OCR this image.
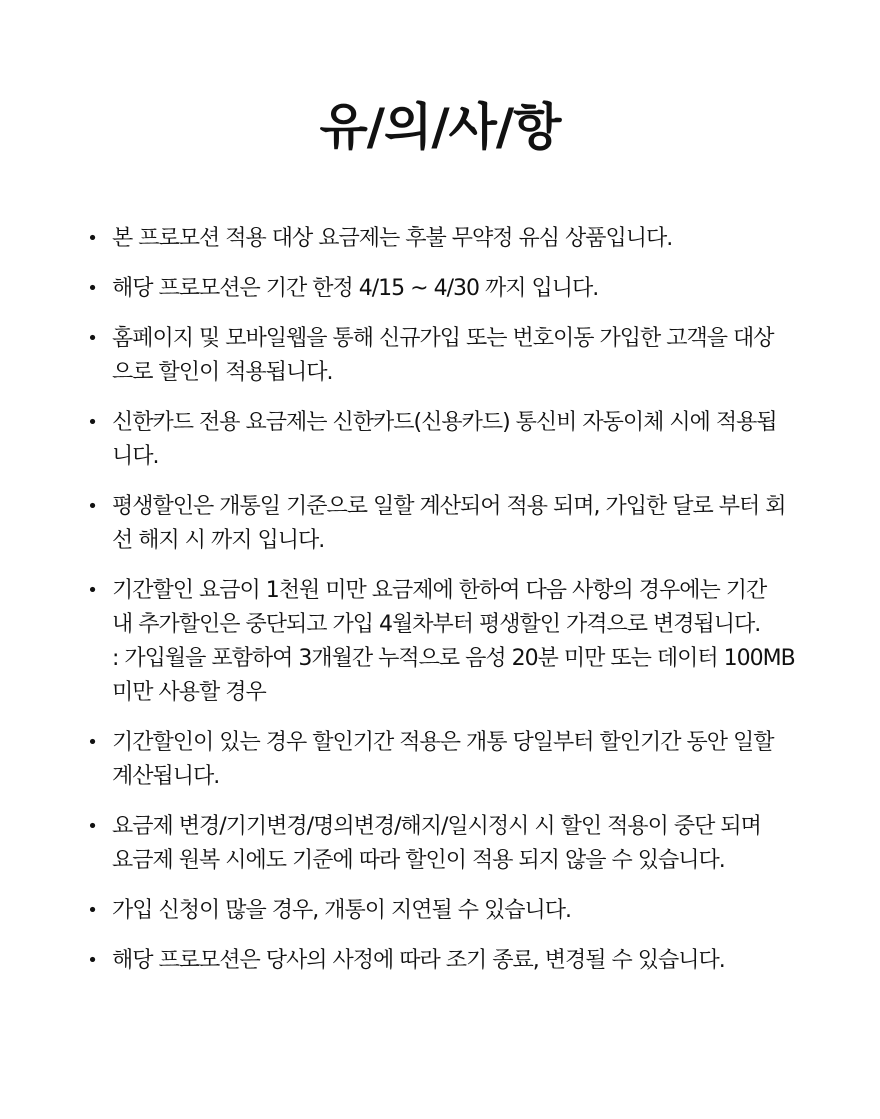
유/의/사/항
• 본 프로모션 적용 대상 요금제는 후불 무약정 유심 상품입니다.
• 해당 프로모션은 기간 한정 4/15 ~ 4/30 까지 입니다.
• 홈페이지 및 모바일웹을 통해 신규가입 또는 번호이동 가입한 고객을 대상
으로 할인이 적용됩니다.
• 신한카드 전용 요금제는 신한카드(신용카드) 통신비 자동이체 시에 적용됩
니다.
• 평생할인은 개통일 기준으로 일할 계산되어 적용 되며, 가입한 달로 부터 회
선 해지 시 까지 입니다.
• 기간할인 요금이 1천원 미만 요금제에 한하여 다음 사항의 경우에는 기간
내 추가할인은 중단되고 가입 4월차부터 평생할인 가격으로 변경됩니다.
: 가입월을 포함하여 3개월간 누적으로 음성 20분 미만 또는 데이터 100MB
미만 사용할 경우
• 기간할인이 있는 경우 할인기간 적용은 개통 당일부터 할인기간 동안 일할
계산됩니다.
• 요금제 변경/기기변경/명의변경/해지/일시정시 시 할인 적용이 중단 되며
요금제 원복 시에도 기준에 따라 할인이 적용 되지 않을 수 있습니다.
• 가입 신청이 많을 경우, 개통이 지연될 수 있습니다.
• 해당 프로모션은 당사의 사정에 따라 조기 종료, 변경될 수 있습니다.
